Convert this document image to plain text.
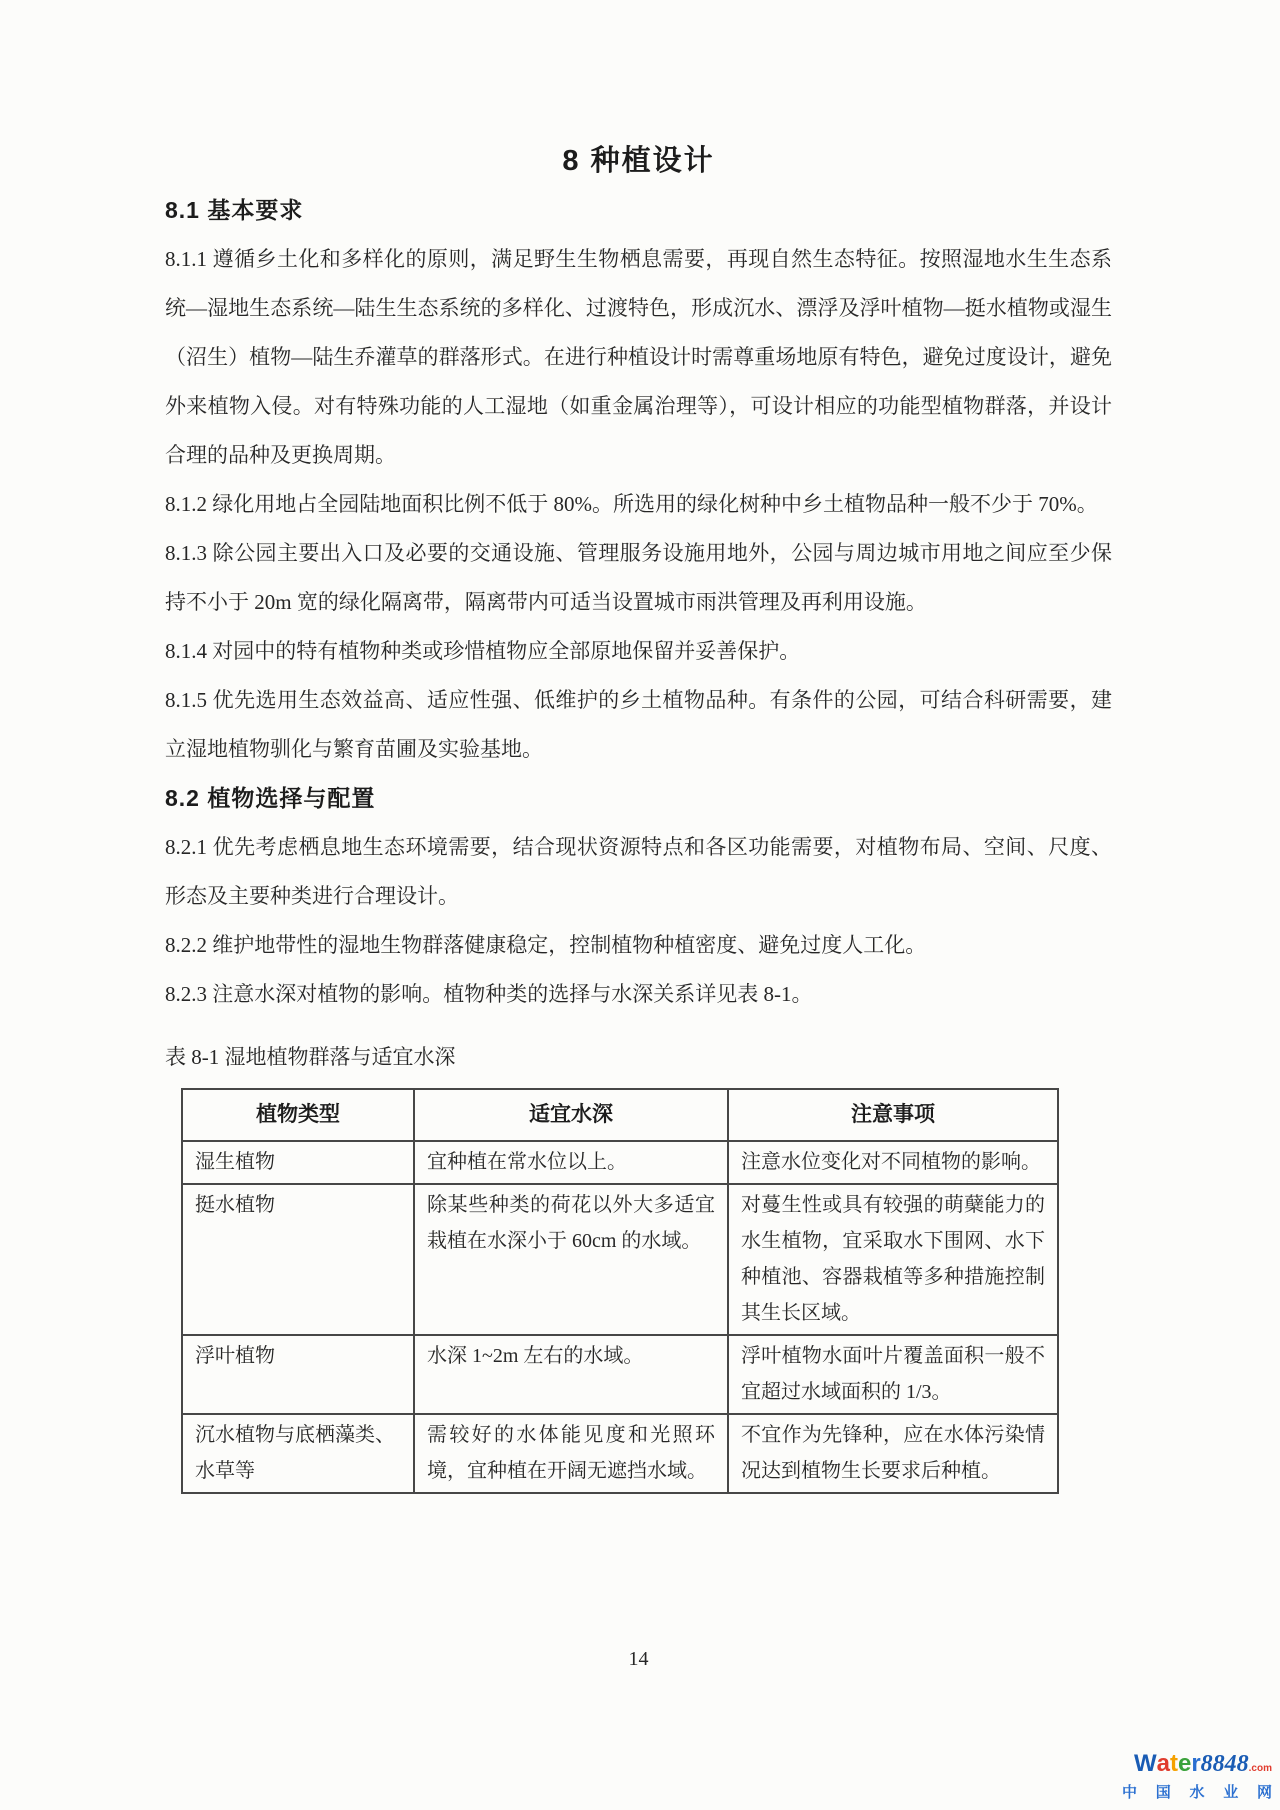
8 种植设计
8.1 基本要求

8.1.1 遵循乡土化和多样化的原则，满足野生生物栖息需要，再现自然生态特征。按照湿地水生生态系统—湿地生态系统—陆生生态系统的多样化、过渡特色，形成沉水、漂浮及浮叶植物—挺水植物或湿生（沼生）植物—陆生乔灌草的群落形式。在进行种植设计时需尊重场地原有特色，避免过度设计，避免外来植物入侵。对有特殊功能的人工湿地（如重金属治理等），可设计相应的功能型植物群落，并设计合理的品种及更换周期。

8.1.2 绿化用地占全园陆地面积比例不低于 80%。所选用的绿化树种中乡土植物品种一般不少于 70%。

8.1.3 除公园主要出入口及必要的交通设施、管理服务设施用地外，公园与周边城市用地之间应至少保持不小于 20m 宽的绿化隔离带，隔离带内可适当设置城市雨洪管理及再利用设施。

8.1.4 对园中的特有植物种类或珍惜植物应全部原地保留并妥善保护。

8.1.5 优先选用生态效益高、适应性强、低维护的乡土植物品种。有条件的公园，可结合科研需要，建立湿地植物驯化与繁育苗圃及实验基地。

8.2 植物选择与配置

8.2.1 优先考虑栖息地生态环境需要，结合现状资源特点和各区功能需要，对植物布局、空间、尺度、形态及主要种类进行合理设计。

8.2.2 维护地带性的湿地生物群落健康稳定，控制植物种植密度、避免过度人工化。

8.2.3 注意水深对植物的影响。植物种类的选择与水深关系详见表 8-1。

表 8-1 湿地植物群落与适宜水深
植物类型	适宜水深	注意事项
湿生植物	宜种植在常水位以上。	注意水位变化对不同植物的影响。
挺水植物	除某些种类的荷花以外大多适宜栽植在水深小于 60cm 的水域。	对蔓生性或具有较强的萌蘖能力的水生植物，宜采取水下围网、水下种植池、容器栽植等多种措施控制其生长区域。
浮叶植物	水深 1~2m 左右的水域。	浮叶植物水面叶片覆盖面积一般不宜超过水域面积的 1/3。
沉水植物与底栖藻类、水草等	需较好的水体能见度和光照环境，宜种植在开阔无遮挡水域。	不宜作为先锋种，应在水体污染情况达到植物生长要求后种植。
14
Water8848.com
中 国 水 业 网
